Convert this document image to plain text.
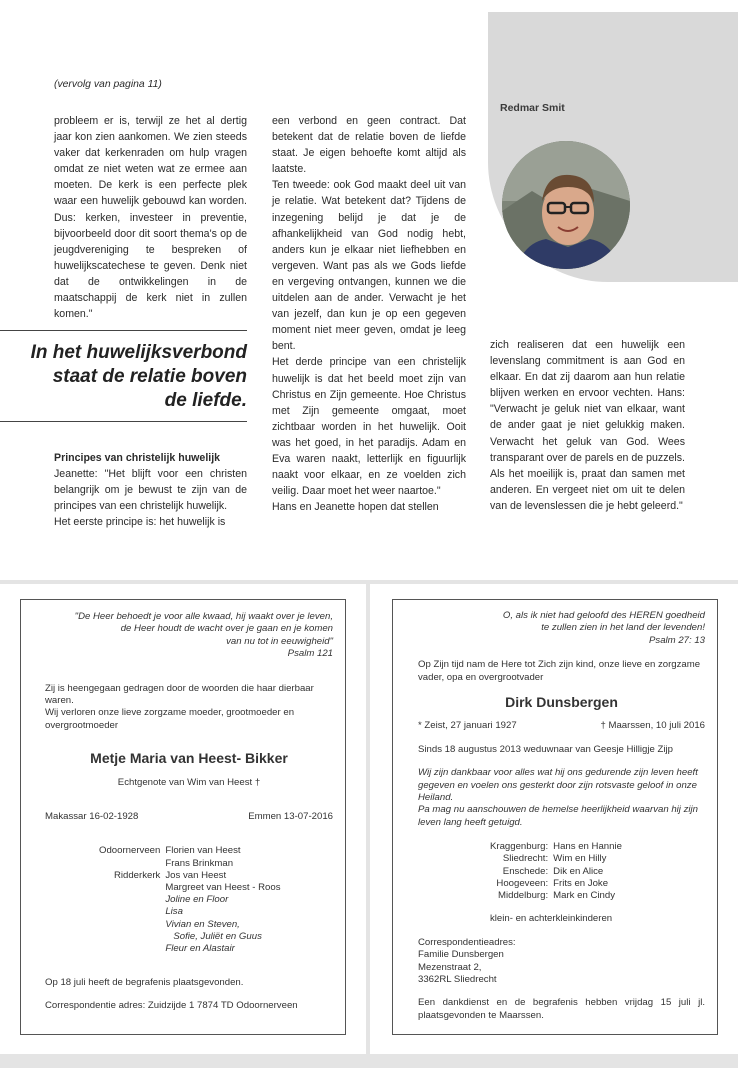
Redmar Smit
(vervolg van pagina 11)

probleem er is, terwijl ze het al dertig jaar kon zien aankomen. We zien steeds vaker dat kerkenraden om hulp vragen omdat ze niet weten wat ze ermee aan moeten. De kerk is een perfecte plek waar een huwelijk gebouwd kan worden. Dus: kerken, investeer in preventie, bijvoorbeeld door dit soort thema's op de jeugdvereniging te bespreken of huwelijkscatechese te geven. Denk niet dat de ontwikkelingen in de maatschappij de kerk niet in zullen komen."

In het huwelijksverbond
staat de relatie boven
de liefde.

Principes van christelijk huwelijk

Jeanette: "Het blijft voor een christen belangrijk om je bewust te zijn van de principes van een christelijk huwelijk.

Het eerste principe is: het huwelijk is

een verbond en geen contract. Dat betekent dat de relatie boven de liefde staat. Je eigen behoefte komt altijd als laatste.

Ten tweede: ook God maakt deel uit van je relatie. Wat betekent dat? Tijdens de inzegening belijd je dat je de afhankelijkheid van God nodig hebt, anders kun je elkaar niet liefhebben en vergeven. Want pas als we Gods liefde en vergeving ontvangen, kunnen we die uitdelen aan de ander. Verwacht je het van jezelf, dan kun je op een gegeven moment niet meer geven, omdat je leeg bent.

Het derde principe van een christelijk huwelijk is dat het beeld moet zijn van Christus en Zijn gemeente. Hoe Christus met Zijn gemeente omgaat, moet zichtbaar worden in het huwelijk. Ooit was het goed, in het paradijs. Adam en Eva waren naakt, letterlijk en figuurlijk naakt voor elkaar, en ze voelden zich veilig. Daar moet het weer naartoe."

Hans en Jeanette hopen dat stellen

zich realiseren dat een huwelijk een levenslang commitment is aan God en elkaar. En dat zij daarom aan hun relatie blijven werken en ervoor vechten. Hans: "Verwacht je geluk niet van elkaar, want de ander gaat je niet gelukkig maken. Verwacht het geluk van God. Wees transparant over de parels en de puzzels. Als het moeilijk is, praat dan samen met anderen. En vergeet niet om uit te delen van de levenslessen die je hebt geleerd."

"De Heer behoedt je voor alle kwaad, hij waakt over je leven,
de Heer houdt de wacht over je gaan en je komen
van nu tot in eeuwigheid"
Psalm 121
Zij is heengegaan gedragen door de woorden die haar dierbaar waren.
Wij verloren onze lieve zorgzame moeder, grootmoeder en overgrootmoeder
Metje Maria van Heest- Bikker
Echtgenote van Wim van Heest †
Makassar 16-02-1928	Emmen 13-07-2016
Odoornerveen	Florien van Heest
	Frans Brinkman
Ridderkerk	Jos van Heest
	Margreet van Heest - Roos
	Joline en Floor
	Lisa
	Vivian en Steven,
	Sofie, Juliët en Guus
	Fleur en Alastair
Op 18 juli heeft de begrafenis plaatsgevonden.
Correspondentie adres: Zuidzijde 1 7874 TD Odoornerveen
O, als ik niet had geloofd des HEREN goedheid
te zullen zien in het land der levenden!
Psalm 27: 13
Op Zijn tijd nam de Here tot Zich zijn kind, onze lieve en zorgzame vader, opa en overgrootvader
Dirk Dunsbergen
* Zeist, 27 januari 1927	† Maarssen, 10 juli 2016
Sinds 18 augustus 2013 weduwnaar van Geesje Hilligje Zijp
Wij zijn dankbaar voor alles wat hij ons gedurende zijn leven heeft gegeven en voelen ons gesterkt door zijn rotsvaste geloof in onze Heiland.
Pa mag nu aanschouwen de hemelse heerlijkheid waarvan hij zijn leven lang heeft getuigd.
Kraggenburg:	Hans en Hannie
Sliedrecht:	Wim en Hilly
Enschede:	Dik en Alice
Hoogeveen:	Frits en Joke
Middelburg:	Mark en Cindy
klein- en achterkleinkinderen
Correspondentieadres:
Familie Dunsbergen
Mezenstraat 2,
3362RL Sliedrecht
Een dankdienst en de begrafenis hebben vrijdag 15 juli jl. plaatsgevonden te Maarssen.
